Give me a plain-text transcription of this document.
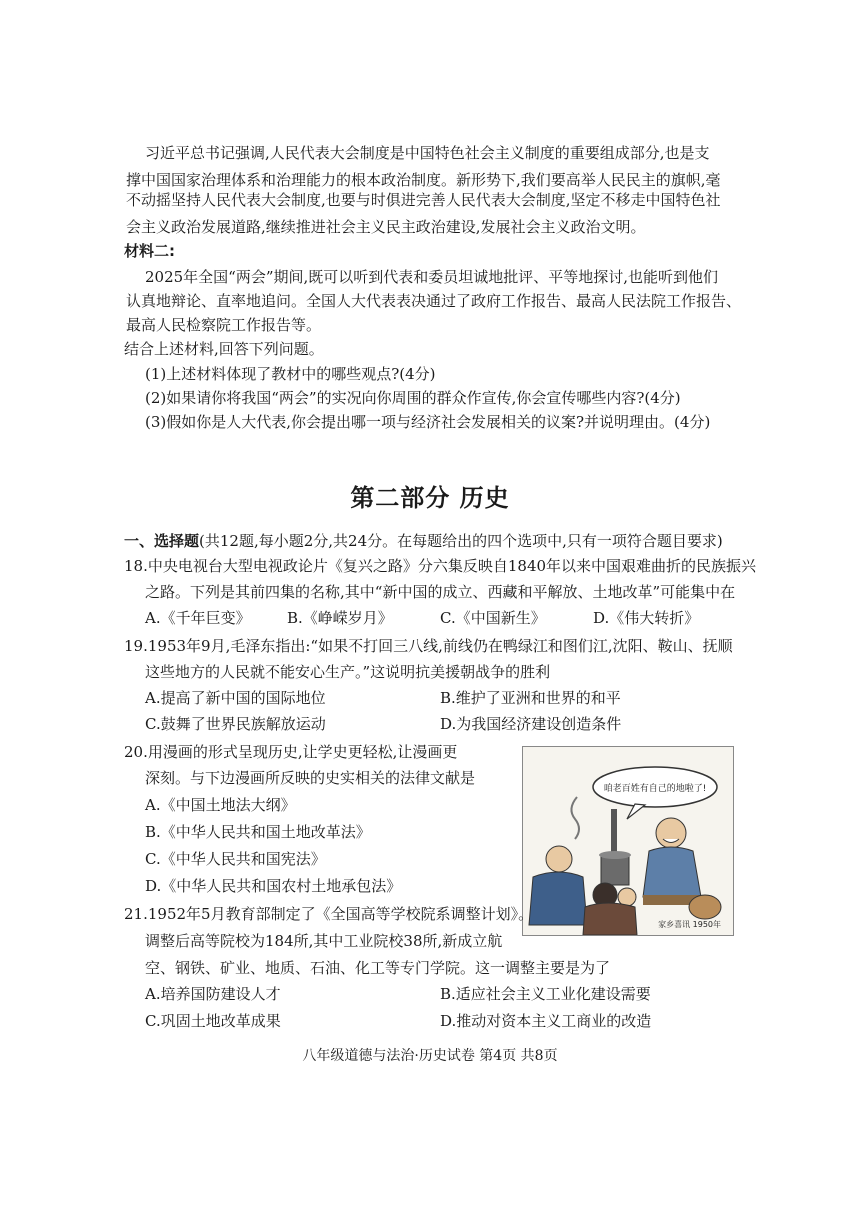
习近平总书记强调,人民代表大会制度是中国特色社会主义制度的重要组成部分,也是支
撑中国国家治理体系和治理能力的根本政治制度。新形势下,我们要高举人民民主的旗帜,毫
不动摇坚持人民代表大会制度,也要与时俱进完善人民代表大会制度,坚定不移走中国特色社
会主义政治发展道路,继续推进社会主义民主政治建设,发展社会主义政治文明。
材料二:
2025年全国“两会”期间,既可以听到代表和委员坦诚地批评、平等地探讨,也能听到他们
认真地辩论、直率地追问。全国人大代表表决通过了政府工作报告、最高人民法院工作报告、
最高人民检察院工作报告等。
结合上述材料,回答下列问题。
(1)上述材料体现了教材中的哪些观点?(4分)
(2)如果请你将我国“两会”的实况向你周围的群众作宣传,你会宣传哪些内容?(4分)
(3)假如你是人大代表,你会提出哪一项与经济社会发展相关的议案?并说明理由。(4分)
第二部分 历史
一、选择题(共12题,每小题2分,共24分。在每题给出的四个选项中,只有一项符合题目要求)
18.中央电视台大型电视政论片《复兴之路》分六集反映自1840年以来中国艰难曲折的民族振兴
之路。下列是其前四集的名称,其中“新中国的成立、西藏和平解放、土地改革”可能集中在
A.《千年巨变》 B.《峥嵘岁月》	C.《中国新生》	D.《伟大转折》
19.1953年9月,毛泽东指出:“如果不打回三八线,前线仍在鸭绿江和图们江,沈阳、鞍山、抚顺
这些地方的人民就不能安心生产。”这说明抗美援朝战争的胜利
A.提高了新中国的国际地位	B.维护了亚洲和世界的和平
C.鼓舞了世界民族解放运动	D.为我国经济建设创造条件
20.用漫画的形式呈现历史,让学史更轻松,让漫画更
深刻。与下边漫画所反映的史实相关的法律文献是
A.《中国土地法大纲》
B.《中华人民共和国土地改革法》
C.《中华人民共和国宪法》
D.《中华人民共和国农村土地承包法》
咱老百姓有自己的地啦了!
家乡喜讯 1950年
21.1952年5月教育部制定了《全国高等学校院系调整计划》。
调整后高等院校为184所,其中工业院校38所,新成立航
空、钢铁、矿业、地质、石油、化工等专门学院。这一调整主要是为了
A.培养国防建设人才	B.适应社会主义工业化建设需要
C.巩固土地改革成果	D.推动对资本主义工商业的改造
八年级道德与法治·历史试卷 第4页 共8页
